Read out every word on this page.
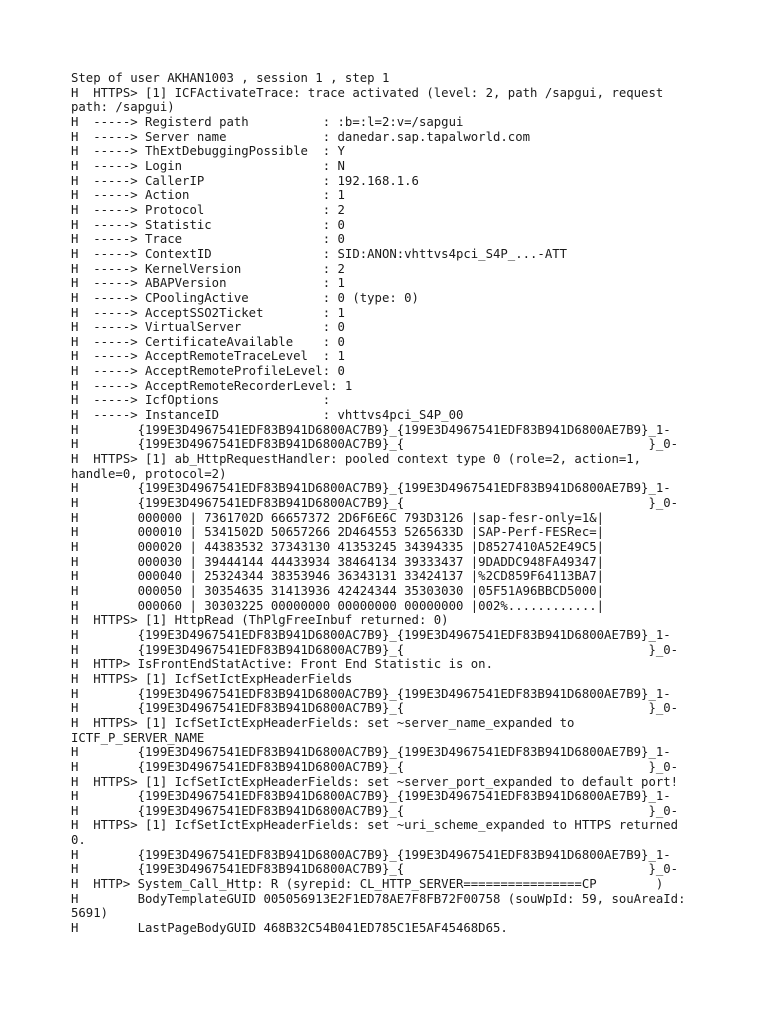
Step of user AKHAN1003 , session 1 , step 1
H  HTTPS> [1] ICFActivateTrace: trace activated (level: 2, path /sapgui, request
path: /sapgui)
H  -----> Registerd path          : :b=:l=2:v=/sapgui
H  -----> Server name             : danedar.sap.tapalworld.com
H  -----> ThExtDebuggingPossible  : Y
H  -----> Login                   : N
H  -----> CallerIP                : 192.168.1.6
H  -----> Action                  : 1
H  -----> Protocol                : 2
H  -----> Statistic               : 0
H  -----> Trace                   : 0
H  -----> ContextID               : SID:ANON:vhttvs4pci_S4P_...-ATT
H  -----> KernelVersion           : 2
H  -----> ABAPVersion             : 1
H  -----> CPoolingActive          : 0 (type: 0)
H  -----> AcceptSSO2Ticket        : 1
H  -----> VirtualServer           : 0
H  -----> CertificateAvailable    : 0
H  -----> AcceptRemoteTraceLevel  : 1
H  -----> AcceptRemoteProfileLevel: 0
H  -----> AcceptRemoteRecorderLevel: 1
H  -----> IcfOptions              :
H  -----> InstanceID              : vhttvs4pci_S4P_00
H        {199E3D4967541EDF83B941D6800AC7B9}_{199E3D4967541EDF83B941D6800AE7B9}_1-
H        {199E3D4967541EDF83B941D6800AC7B9}_{                                 }_0-
H  HTTPS> [1] ab_HttpRequestHandler: pooled context type 0 (role=2, action=1,
handle=0, protocol=2)
H        {199E3D4967541EDF83B941D6800AC7B9}_{199E3D4967541EDF83B941D6800AE7B9}_1-
H        {199E3D4967541EDF83B941D6800AC7B9}_{                                 }_0-
H        000000 | 7361702D 66657372 2D6F6E6C 793D3126 |sap-fesr-only=1&|
H        000010 | 5341502D 50657266 2D464553 5265633D |SAP-Perf-FESRec=|
H        000020 | 44383532 37343130 41353245 34394335 |D8527410A52E49C5|
H        000030 | 39444144 44433934 38464134 39333437 |9DADDC948FA49347|
H        000040 | 25324344 38353946 36343131 33424137 |%2CD859F64113BA7|
H        000050 | 30354635 31413936 42424344 35303030 |05F51A96BBCD5000|
H        000060 | 30303225 00000000 00000000 00000000 |002%............|
H  HTTPS> [1] HttpRead (ThPlgFreeInbuf returned: 0)
H        {199E3D4967541EDF83B941D6800AC7B9}_{199E3D4967541EDF83B941D6800AE7B9}_1-
H        {199E3D4967541EDF83B941D6800AC7B9}_{                                 }_0-
H  HTTP> IsFrontEndStatActive: Front End Statistic is on.
H  HTTPS> [1] IcfSetIctExpHeaderFields
H        {199E3D4967541EDF83B941D6800AC7B9}_{199E3D4967541EDF83B941D6800AE7B9}_1-
H        {199E3D4967541EDF83B941D6800AC7B9}_{                                 }_0-
H  HTTPS> [1] IcfSetIctExpHeaderFields: set ~server_name_expanded to
ICTF_P_SERVER_NAME
H        {199E3D4967541EDF83B941D6800AC7B9}_{199E3D4967541EDF83B941D6800AE7B9}_1-
H        {199E3D4967541EDF83B941D6800AC7B9}_{                                 }_0-
H  HTTPS> [1] IcfSetIctExpHeaderFields: set ~server_port_expanded to default port!
H        {199E3D4967541EDF83B941D6800AC7B9}_{199E3D4967541EDF83B941D6800AE7B9}_1-
H        {199E3D4967541EDF83B941D6800AC7B9}_{                                 }_0-
H  HTTPS> [1] IcfSetIctExpHeaderFields: set ~uri_scheme_expanded to HTTPS returned
0.
H        {199E3D4967541EDF83B941D6800AC7B9}_{199E3D4967541EDF83B941D6800AE7B9}_1-
H        {199E3D4967541EDF83B941D6800AC7B9}_{                                 }_0-
H  HTTP> System_Call_Http: R (syrepid: CL_HTTP_SERVER================CP        )
H        BodyTemplateGUID 005056913E2F1ED78AE7F8FB72F00758 (souWpId: 59, souAreaId:
5691)
H        LastPageBodyGUID 468B32C54B041ED785C1E5AF45468D65.
